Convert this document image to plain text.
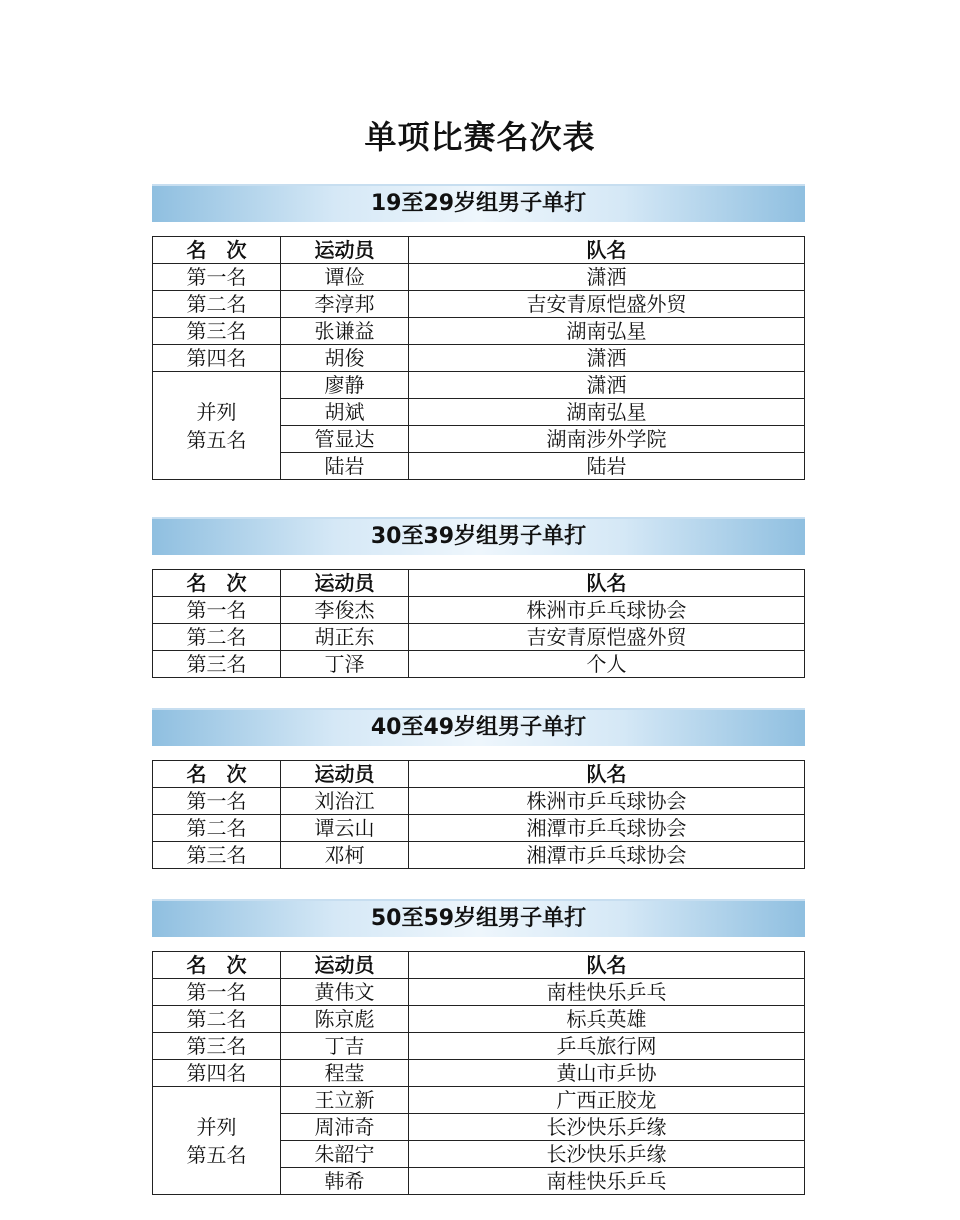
单项比赛名次表
19至29岁组男子单打
名　次	运动员	队名
第一名	谭俭	潇洒
第二名	李淳邦	吉安青原恺盛外贸
第三名	张谦益	湖南弘星
第四名	胡俊	潇洒

并列
第五名	廖静	潇洒
	胡斌	湖南弘星
	管显达	湖南涉外学院
	陆岩	陆岩
30至39岁组男子单打
名　次	运动员	队名
第一名	李俊杰	株洲市乒乓球协会
第二名	胡正东	吉安青原恺盛外贸
第三名	丁泽	个人
40至49岁组男子单打
名　次	运动员	队名
第一名	刘治江	株洲市乒乓球协会
第二名	谭云山	湘潭市乒乓球协会
第三名	邓柯	湘潭市乒乓球协会
50至59岁组男子单打
名　次	运动员	队名
第一名	黄伟文	南桂快乐乒乓
第二名	陈京彪	标兵英雄
第三名	丁吉	乒乓旅行网
第四名	程莹	黄山市乒协

并列
第五名	王立新	广西正胶龙
	周沛奇	长沙快乐乒缘
	朱韶宁	长沙快乐乒缘
	韩希	南桂快乐乒乓
